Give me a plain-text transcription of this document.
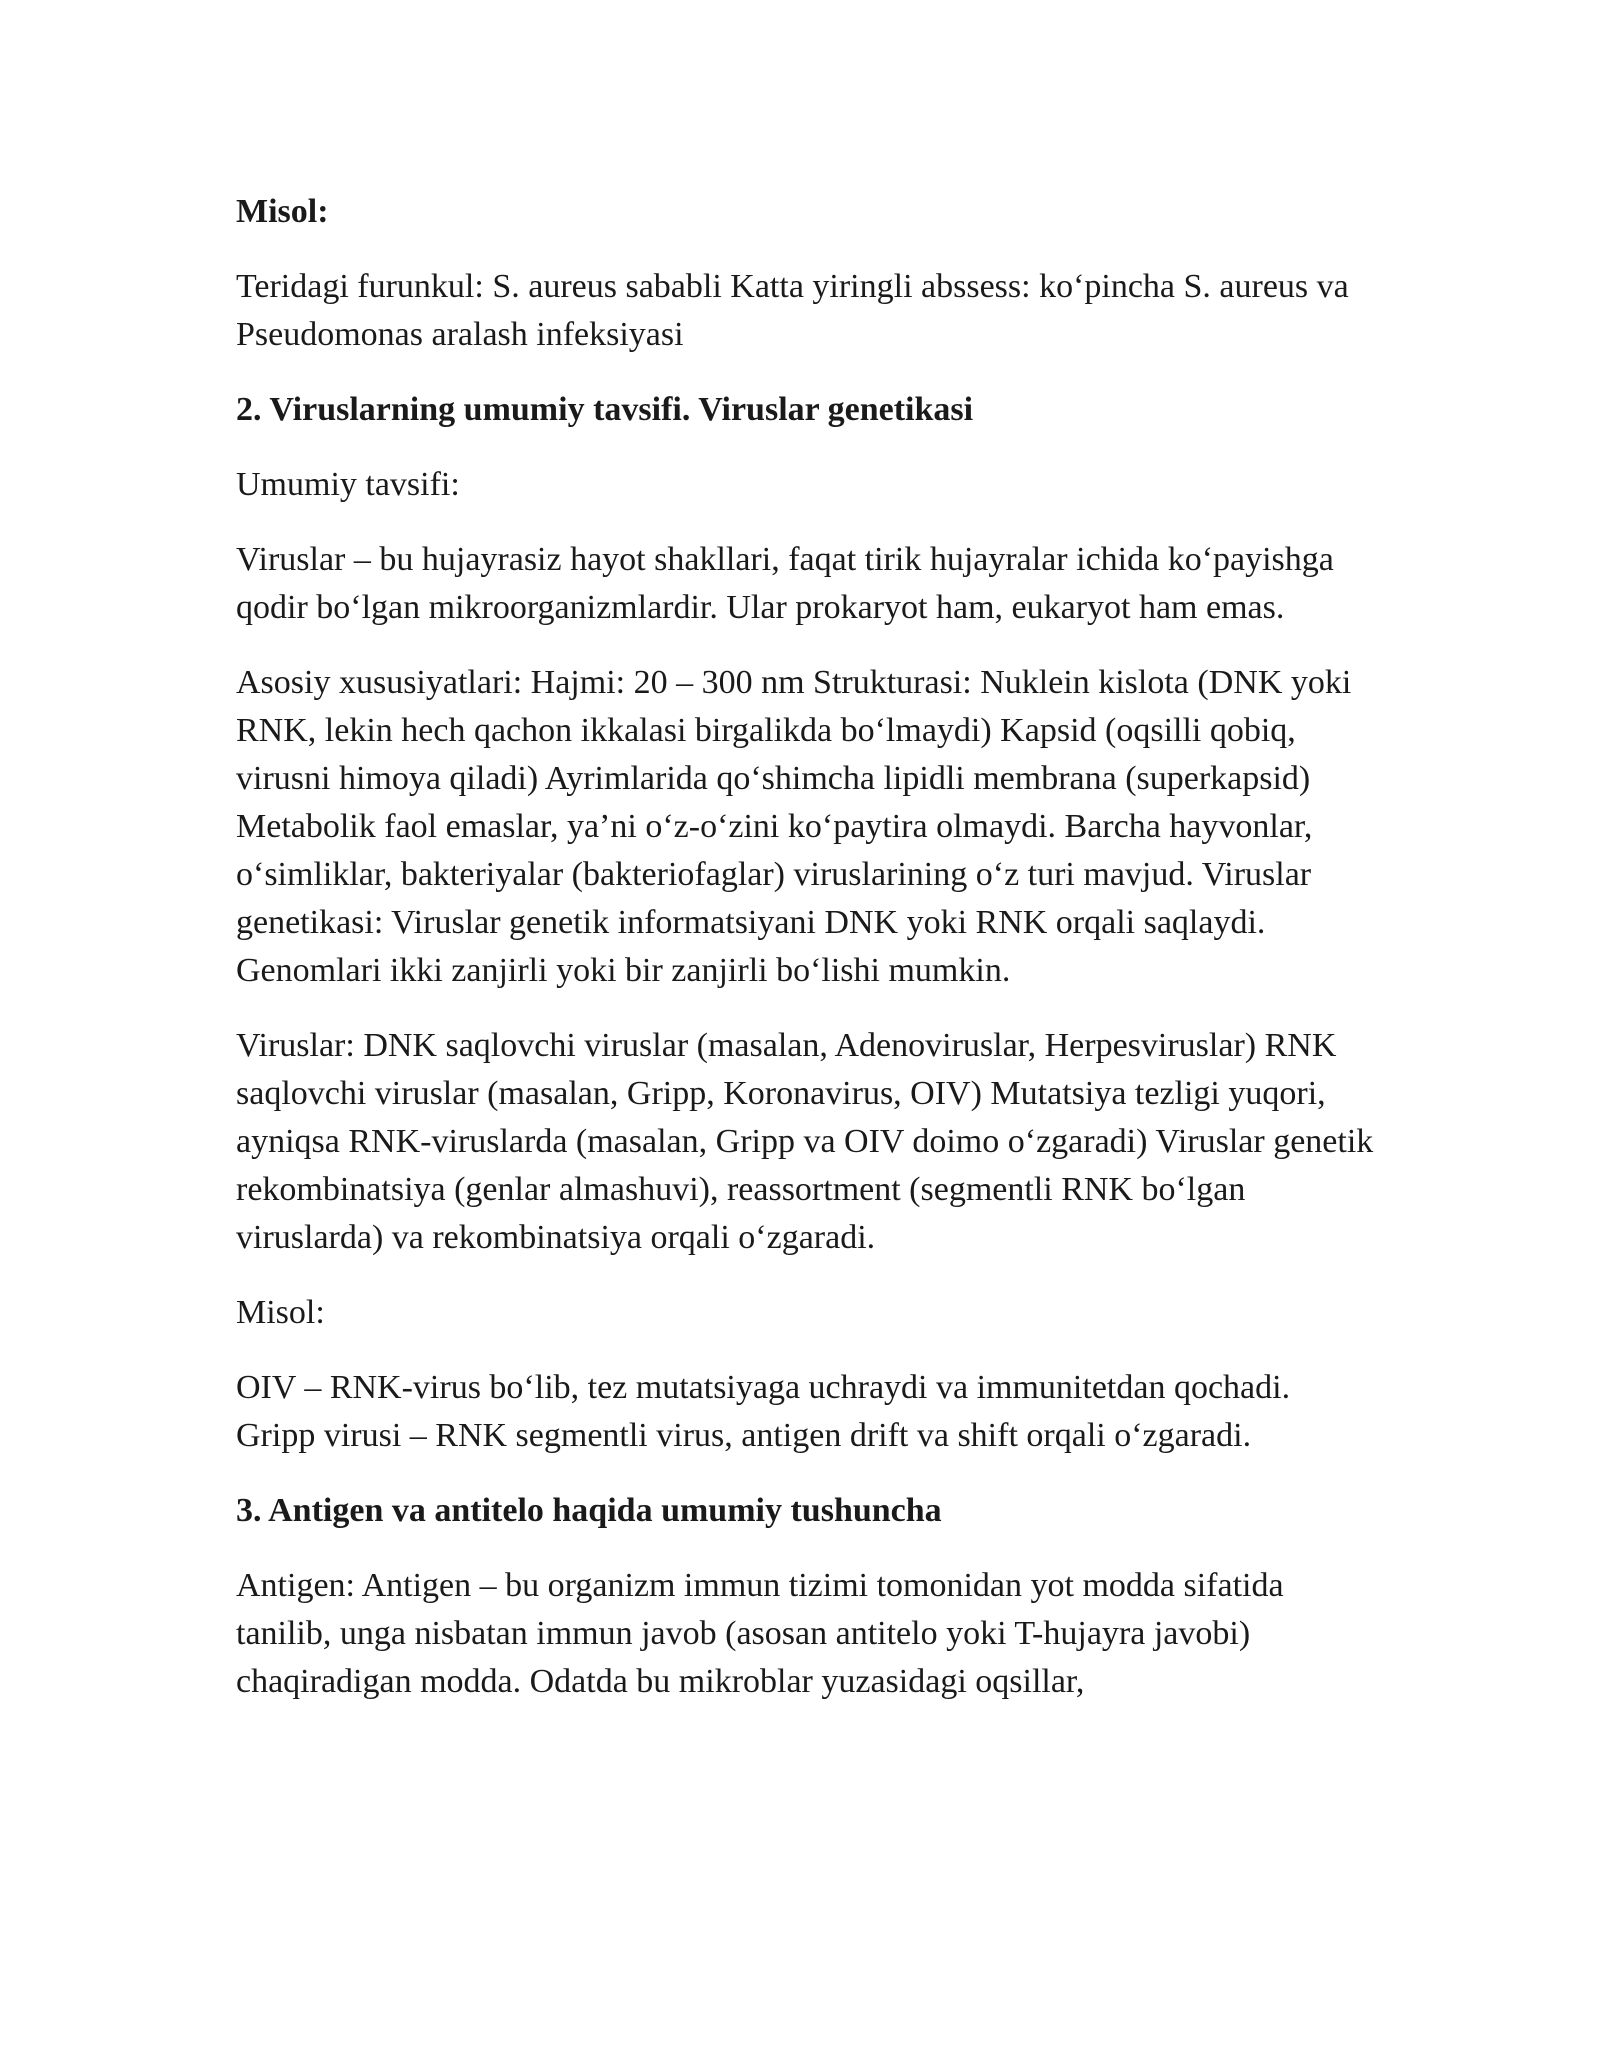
Misol:

Teridagi furunkul: S. aureus sababli Katta yiringli abssess: ko‘pincha S. aureus va Pseudomonas aralash infeksiyasi

2. Viruslarning umumiy tavsifi. Viruslar genetikasi

Umumiy tavsifi:

Viruslar – bu hujayrasiz hayot shakllari, faqat tirik hujayralar ichida ko‘payishga qodir bo‘lgan mikroorganizmlardir. Ular prokaryot ham, eukaryot ham emas.

Asosiy xususiyatlari: Hajmi: 20 – 300 nm Strukturasi: Nuklein kislota (DNK yoki RNK, lekin hech qachon ikkalasi birgalikda bo‘lmaydi) Kapsid (oqsilli qobiq, virusni himoya qiladi) Ayrimlarida qo‘shimcha lipidli membrana (superkapsid) Metabolik faol emaslar, ya’ni o‘z-o‘zini ko‘paytira olmaydi. Barcha hayvonlar, o‘simliklar, bakteriyalar (bakteriofaglar) viruslarining o‘z turi mavjud. Viruslar genetikasi: Viruslar genetik informatsiyani DNK yoki RNK orqali saqlaydi. Genomlari ikki zanjirli yoki bir zanjirli bo‘lishi mumkin.

Viruslar: DNK saqlovchi viruslar (masalan, Adenoviruslar, Herpesviruslar) RNK saqlovchi viruslar (masalan, Gripp, Koronavirus, OIV) Mutatsiya tezligi yuqori, ayniqsa RNK-viruslarda (masalan, Gripp va OIV doimo o‘zgaradi) Viruslar genetik rekombinatsiya (genlar almashuvi), reassortment (segmentli RNK bo‘lgan viruslarda) va rekombinatsiya orqali o‘zgaradi.

Misol:

OIV – RNK-virus bo‘lib, tez mutatsiyaga uchraydi va immunitetdan qochadi. Gripp virusi – RNK segmentli virus, antigen drift va shift orqali o‘zgaradi.

3. Antigen va antitelo haqida umumiy tushuncha

Antigen: Antigen – bu organizm immun tizimi tomonidan yot modda sifatida tanilib, unga nisbatan immun javob (asosan antitelo yoki T-hujayra javobi) chaqiradigan modda. Odatda bu mikroblar yuzasidagi oqsillar,
